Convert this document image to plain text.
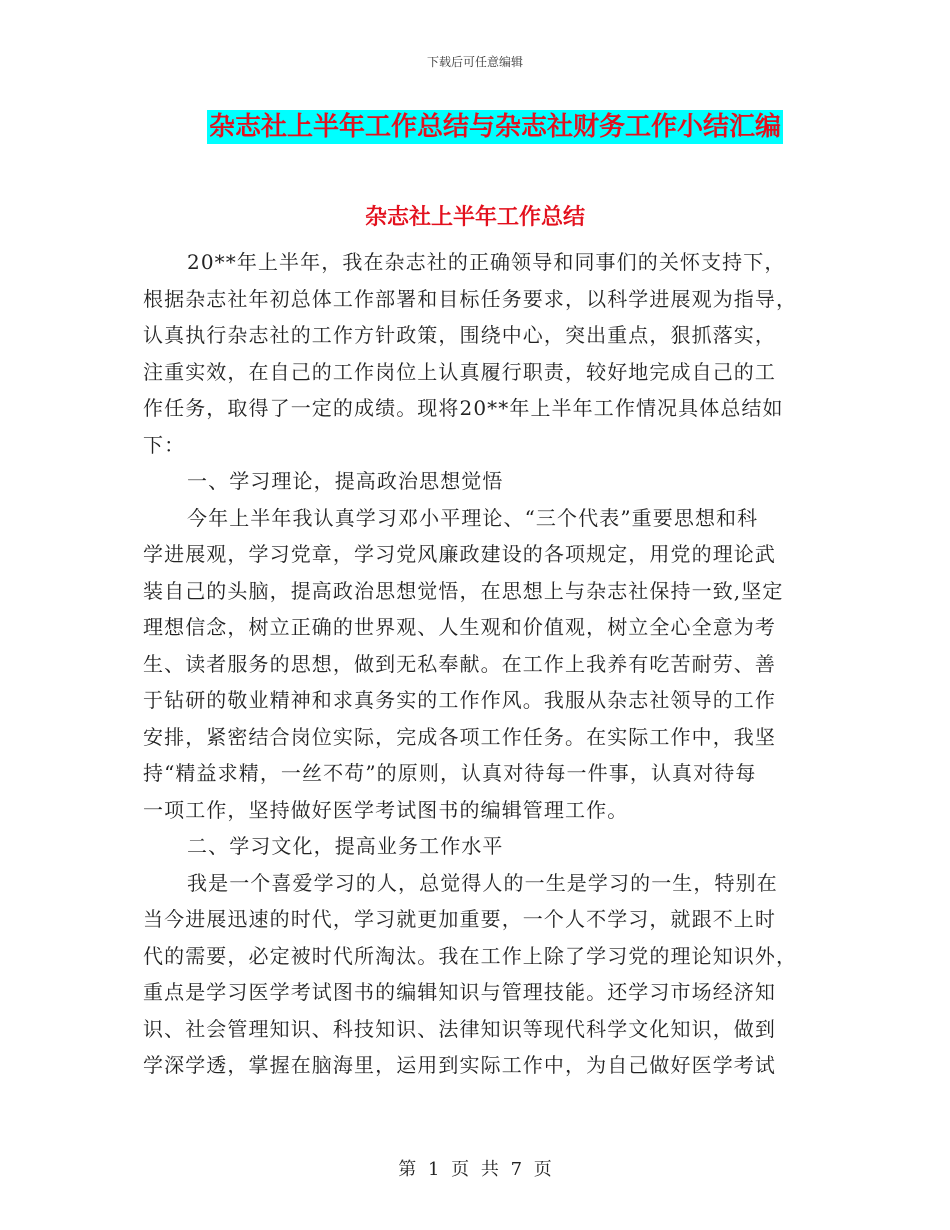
下载后可任意编辑
杂志社上半年工作总结与杂志社财务工作小结汇编
杂志社上半年工作总结
20**年上半年，我在杂志社的正确领导和同事们的关怀支持下，
根据杂志社年初总体工作部署和目标任务要求，以科学进展观为指导，
认真执行杂志社的工作方针政策，围绕中心，突出重点，狠抓落实，
注重实效，在自己的工作岗位上认真履行职责，较好地完成自己的工
作任务，取得了一定的成绩。现将20**年上半年工作情况具体总结如
下：
一、学习理论，提高政治思想觉悟
今年上半年我认真学习邓小平理论、“三个代表”重要思想和科
学进展观，学习党章，学习党风廉政建设的各项规定，用党的理论武
装自己的头脑，提高政治思想觉悟，在思想上与杂志社保持一致,坚定
理想信念，树立正确的世界观、人生观和价值观，树立全心全意为考
生、读者服务的思想，做到无私奉献。在工作上我养有吃苦耐劳、善
于钻研的敬业精神和求真务实的工作作风。我服从杂志社领导的工作
安排，紧密结合岗位实际，完成各项工作任务。在实际工作中，我坚
持“精益求精，一丝不苟”的原则，认真对待每一件事，认真对待每
一项工作，坚持做好医学考试图书的编辑管理工作。
二、学习文化，提高业务工作水平
我是一个喜爱学习的人，总觉得人的一生是学习的一生，特别在
当今进展迅速的时代，学习就更加重要，一个人不学习，就跟不上时
代的需要，必定被时代所淘汰。我在工作上除了学习党的理论知识外，
重点是学习医学考试图书的编辑知识与管理技能。还学习市场经济知
识、社会管理知识、科技知识、法律知识等现代科学文化知识，做到
学深学透，掌握在脑海里，运用到实际工作中，为自己做好医学考试
第 1 页 共 7 页
